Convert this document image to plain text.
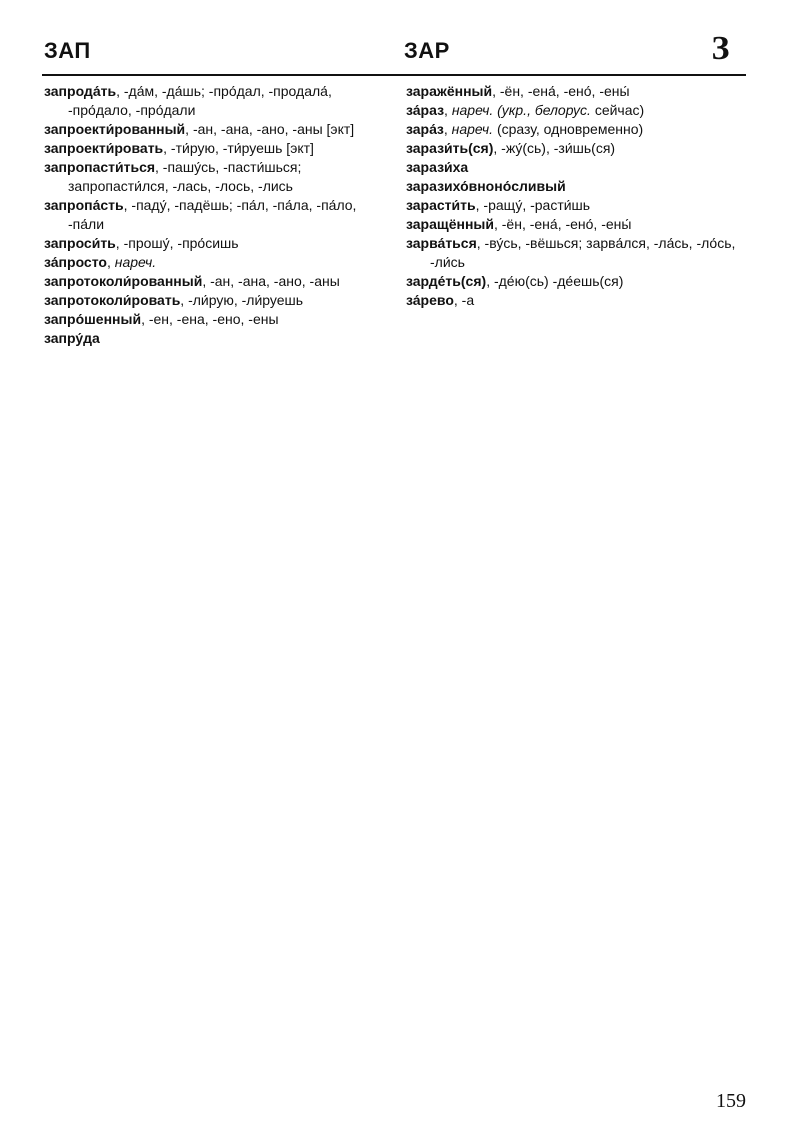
ЗАП	ЗАР	З
запрода́ть, -да́м, -да́шь; -про́дал, -продала́, -про́дало, -про́дали
запроекти́рованный, -ан, -ана, -ано, -аны [экт]
запроекти́ровать, -ти́рую, -ти́руешь [экт]
запропасти́ться, -пашу́сь, -пасти́шься; запропасти́лся, -лась, -лось, -лись
запропа́сть, -паду́, -падёшь; -па́л, -па́ла, -па́ло, -па́ли
запроси́ть, -прошу́, -про́сишь
за́просто, нареч.
запротоколи́рованный, -ан, -ана, -ано, -аны
запротоколи́ровать, -ли́рую, -ли́руешь
запро́шенный, -ен, -ена, -ено, -ены
запру́да
заражённый, -ён, -ена́, -ено́, -ены́
за́раз, нареч. (укр., белорус. сейчас)
зара́з, нареч. (сразу, одновременно)
зарази́ть(ся), -жу́(сь), -зи́шь(ся)
зарази́ха
заразихо́вноно́сливый
зарасти́ть, -ращу́, -расти́шь
заращённый, -ён, -ена́, -ено́, -ены́
зарва́ться, -ву́сь, -вёшься; зарва́лся, -ла́сь, -ло́сь, -ли́сь
зарде́ть(ся), -де́ю(сь) -де́ешь(ся)
за́рево, -а
159
